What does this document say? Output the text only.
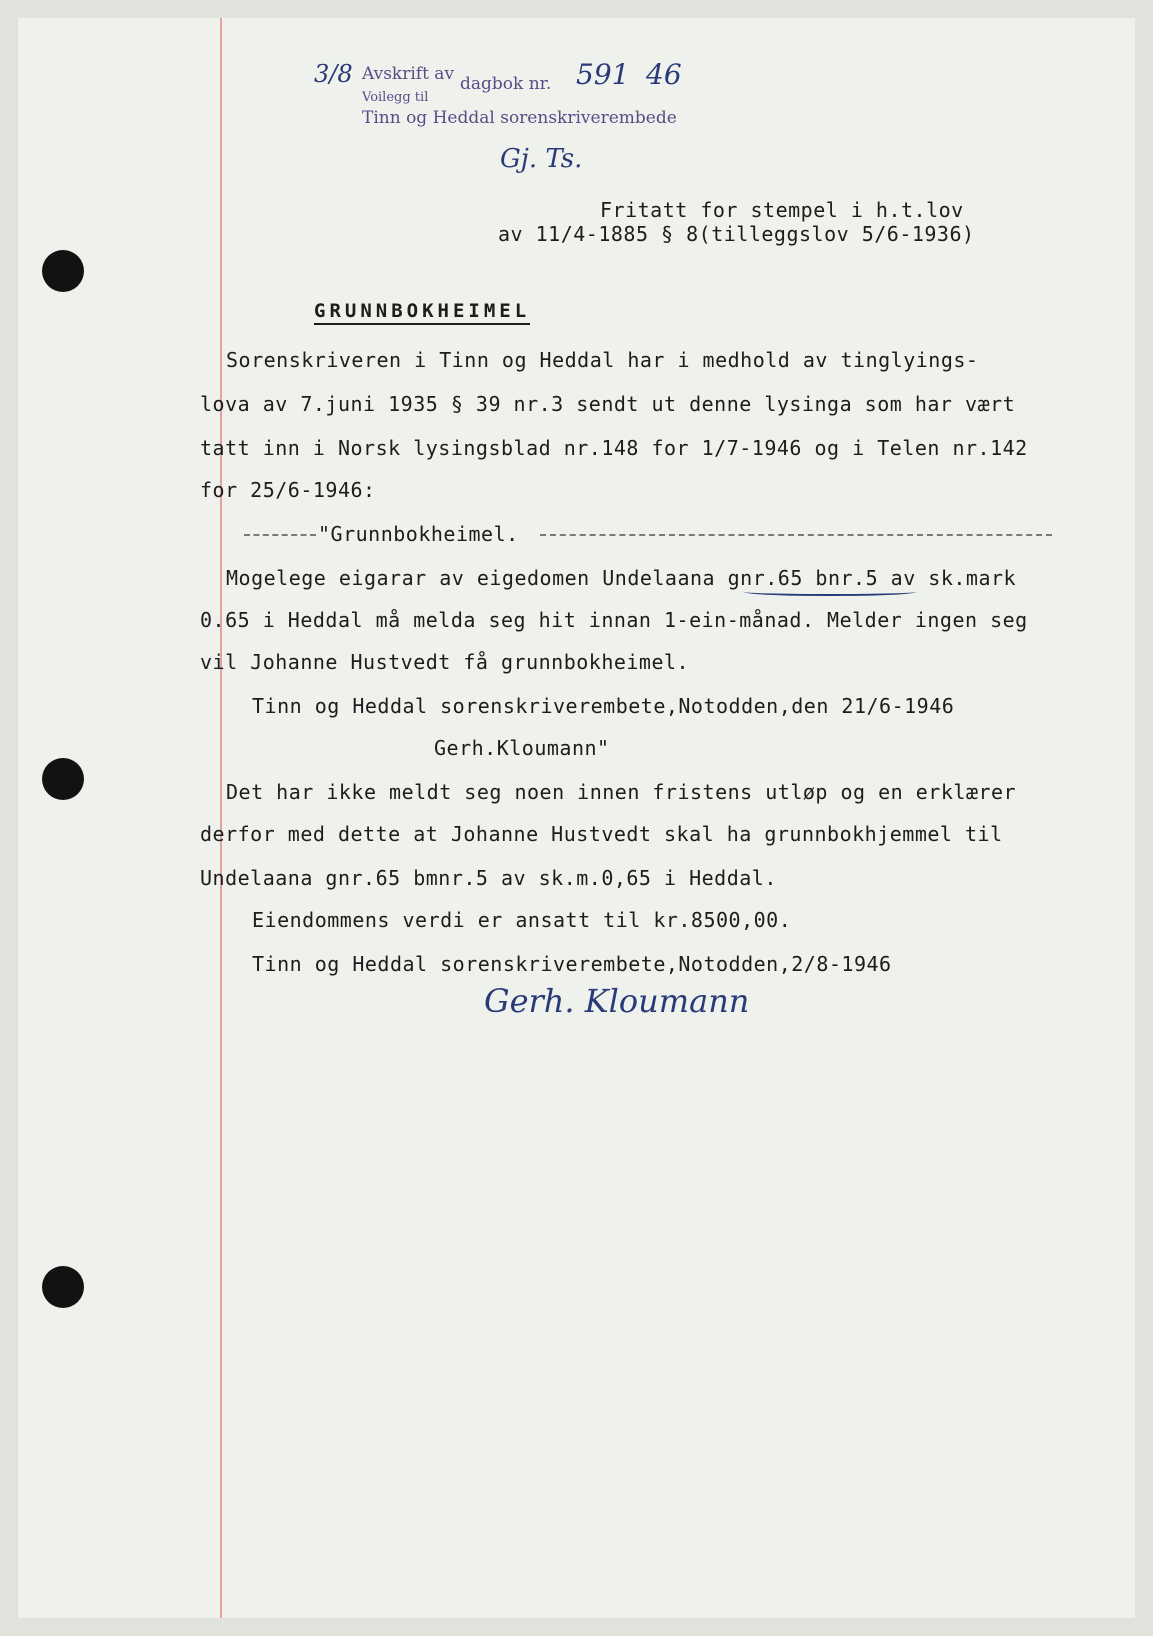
3/8 Avskrift av dagbok nr. 591 46
Voilegg til
Tinn og Heddal sorenskriverembede
Gj. Ts.
Fritatt for stempel i h.t.lov
av 11/4-1885 § 8(tilleggslov 5/6-1936)
GRUNNBOKHEIMEL
Sorenskriveren i Tinn og Heddal har i medhold av tinglyings-
lova av 7.juni 1935 § 39 nr.3 sendt ut denne lysinga som har vært
tatt inn i Norsk lysingsblad nr.148 for 1/7-1946 og i Telen nr.142
for 25/6-1946:
"Grunnbokheimel.
Mogelege eigarar av eigedomen Undelaana gnr.65 bnr.5 av sk.mark
0.65 i Heddal må melda seg hit innan 1-ein-månad. Melder ingen seg
vil Johanne Hustvedt få grunnbokheimel.
Tinn og Heddal sorenskriverembete,Notodden,den 21/6-1946
Gerh.Kloumann"
Det har ikke meldt seg noen innen fristens utløp og en erklærer
derfor med dette at Johanne Hustvedt skal ha grunnbokhjemmel til
Undelaana gnr.65 bmnr.5 av sk.m.0,65 i Heddal.
Eiendommens verdi er ansatt til kr.8500,00.
Tinn og Heddal sorenskriverembete,Notodden,2/8-1946
Gerh. Kloumann
